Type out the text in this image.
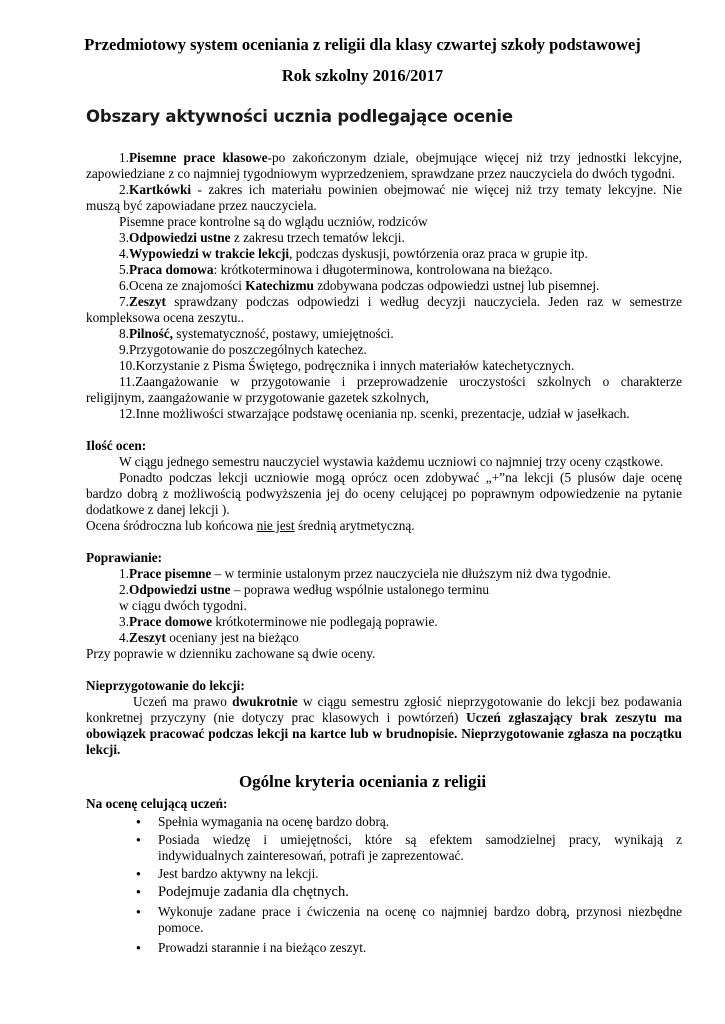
Przedmiotowy system oceniania z religii dla klasy czwartej szkoły podstawowej
Rok szkolny 2016/2017
Obszary aktywności ucznia podlegające ocenie
1.Pisemne prace klasowe-po zakończonym dziale, obejmujące więcej niż trzy jednostki lekcyjne,
zapowiedziane z co najmniej tygodniowym wyprzedzeniem, sprawdzane przez nauczyciela do dwóch tygodni.
2.Kartkówki - zakres ich materiału powinien obejmować nie więcej niż trzy tematy lekcyjne. Nie
muszą być zapowiadane przez nauczyciela.
Pisemne prace kontrolne są do wglądu uczniów, rodziców
3.Odpowiedzi ustne z zakresu trzech tematów lekcji.
4.Wypowiedzi w trakcie lekcji, podczas dyskusji, powtórzenia oraz praca w grupie itp.
5.Praca domowa: krótkoterminowa i długoterminowa, kontrolowana na bieżąco.
6.Ocena ze znajomości Katechizmu zdobywana podczas odpowiedzi ustnej lub pisemnej.
7.Zeszyt sprawdzany podczas odpowiedzi i według decyzji nauczyciela. Jeden raz w semestrze
kompleksowa ocena zeszytu..
8.Pilność, systematyczność, postawy, umiejętności.
9.Przygotowanie do poszczególnych katechez.
10.Korzystanie z Pisma Świętego, podręcznika i innych materiałów katechetycznych.
11.Zaangażowanie w przygotowanie i przeprowadzenie uroczystości szkolnych o charakterze
religijnym, zaangażowanie w przygotowanie gazetek szkolnych,
12.Inne możliwości stwarzające podstawę oceniania np. scenki, prezentacje, udział w jasełkach.
Ilość ocen:
W ciągu jednego semestru nauczyciel wystawia każdemu uczniowi co najmniej trzy oceny cząstkowe.
Ponadto podczas lekcji uczniowie mogą oprócz ocen zdobywać „+”na lekcji (5 plusów daje ocenę
bardzo dobrą z możliwością podwyższenia jej do oceny celującej po poprawnym odpowiedzenie na pytanie
dodatkowe z danej lekcji ).
Ocena śródroczna lub końcowa nie jest średnią arytmetyczną.
Poprawianie:
1.Prace pisemne – w terminie ustalonym przez nauczyciela nie dłuższym niż dwa tygodnie.
2.Odpowiedzi ustne – poprawa według wspólnie ustalonego terminu
w ciągu dwóch tygodni.
3.Prace domowe krótkoterminowe nie podlegają poprawie.
4.Zeszyt oceniany jest na bieżąco
Przy poprawie w dzienniku zachowane są dwie oceny.
Nieprzygotowanie do lekcji:
Uczeń ma prawo dwukrotnie w ciągu semestru zgłosić nieprzygotowanie do lekcji bez podawania
konkretnej przyczyny (nie dotyczy prac klasowych i powtórzeń) Uczeń zgłaszający brak zeszytu ma
obowiązek pracować podczas lekcji na kartce lub w brudnopisie. Nieprzygotowanie zgłasza na początku
lekcji.
Ogólne kryteria oceniania z religii
Na ocenę celującą uczeń:
● Spełnia wymagania na ocenę bardzo dobrą.
● Posiada wiedzę i umiejętności, które są efektem samodzielnej pracy, wynikają z
indywidualnych zainteresowań, potrafi je zaprezentować.
● Jest bardzo aktywny na lekcji.
● Podejmuje zadania dla chętnych.
● Wykonuje zadane prace i ćwiczenia na ocenę co najmniej bardzo dobrą, przynosi niezbędne
pomoce.
● Prowadzi starannie i na bieżąco zeszyt.
